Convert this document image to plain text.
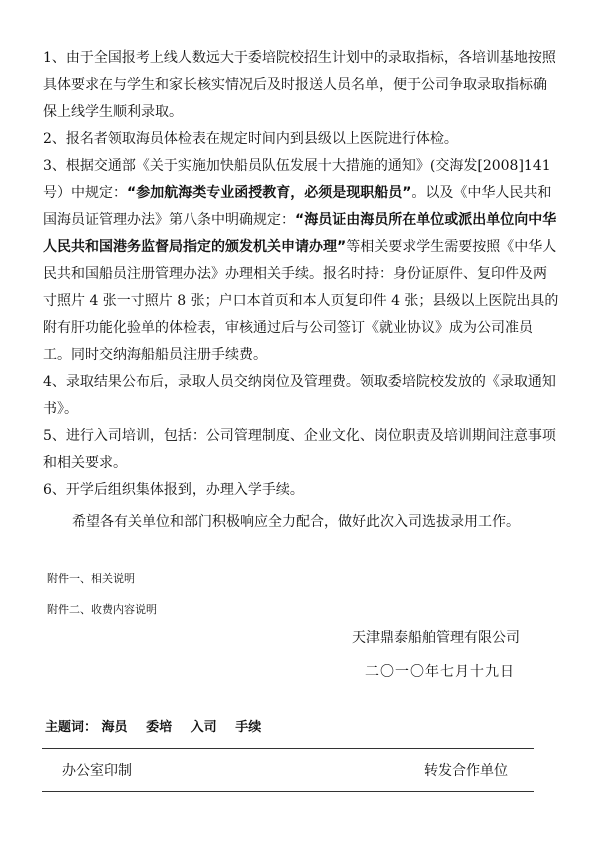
1、由于全国报考上线人数远大于委培院校招生计划中的录取指标，各培训基地按照具体要求在与学生和家长核实情况后及时报送人员名单，便于公司争取录取指标确保上线学生顺利录取。

2、报名者领取海员体检表在规定时间内到县级以上医院进行体检。

3、根据交通部《关于实施加快船员队伍发展十大措施的通知》(交海发[2008]141号）中规定：“参加航海类专业函授教育，必须是现职船员”。以及《中华人民共和国海员证管理办法》第八条中明确规定：“海员证由海员所在单位或派出单位向中华人民共和国港务监督局指定的颁发机关申请办理”等相关要求学生需要按照《中华人民共和国船员注册管理办法》办理相关手续。报名时持：身份证原件、复印件及两寸照片 4 张一寸照片 8 张；户口本首页和本人页复印件 4 张；县级以上医院出具的附有肝功能化验单的体检表，审核通过后与公司签订《就业协议》成为公司准员工。同时交纳海船船员注册手续费。

4、录取结果公布后，录取人员交纳岗位及管理费。领取委培院校发放的《录取通知书》。

5、进行入司培训，包括：公司管理制度、企业文化、岗位职责及培训期间注意事项和相关要求。

6、开学后组织集体报到，办理入学手续。

希望各有关单位和部门积极响应全力配合，做好此次入司选拔录用工作。

附件一、相关说明
附件二、收费内容说明
天津鼎泰船舶管理有限公司
二〇一〇年七月十九日
主题词： 海员 委培 入司 手续
办公室印制	转发合作单位
